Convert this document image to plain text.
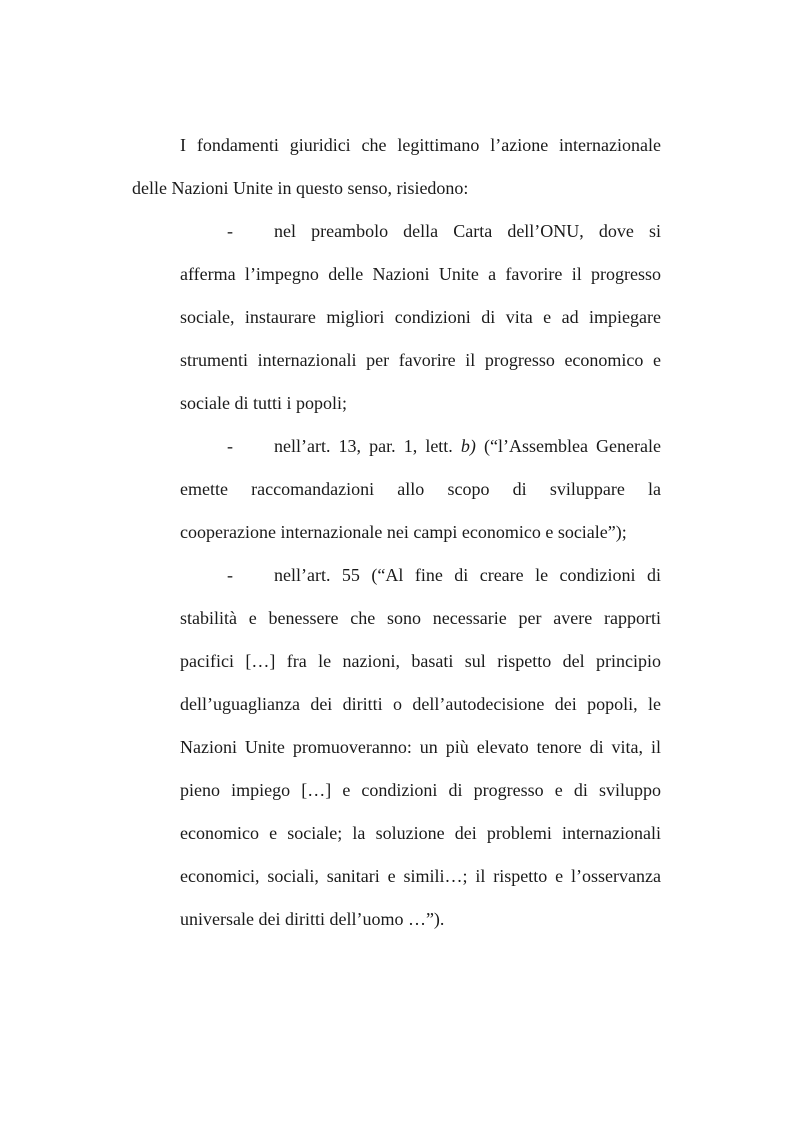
I fondamenti giuridici che legittimano l’azione internazionale
delle Nazioni Unite in questo senso, risiedono:
- nel preambolo della Carta dell’ONU, dove si
afferma l’impegno delle Nazioni Unite a favorire il progresso
sociale, instaurare migliori condizioni di vita e ad impiegare
strumenti internazionali per favorire il progresso economico e
sociale di tutti i popoli;
- nell’art. 13, par. 1, lett. b) (“l’Assemblea Generale
emette raccomandazioni allo scopo di sviluppare la
cooperazione internazionale nei campi economico e sociale”);
- nell’art. 55 (“Al fine di creare le condizioni di
stabilità e benessere che sono necessarie per avere rapporti
pacifici […] fra le nazioni, basati sul rispetto del principio
dell’uguaglianza dei diritti o dell’autodecisione dei popoli, le
Nazioni Unite promuoveranno: un più elevato tenore di vita, il
pieno impiego […] e condizioni di progresso e di sviluppo
economico e sociale; la soluzione dei problemi internazionali
economici, sociali, sanitari e simili…; il rispetto e l’osservanza
universale dei diritti dell’uomo …”).
